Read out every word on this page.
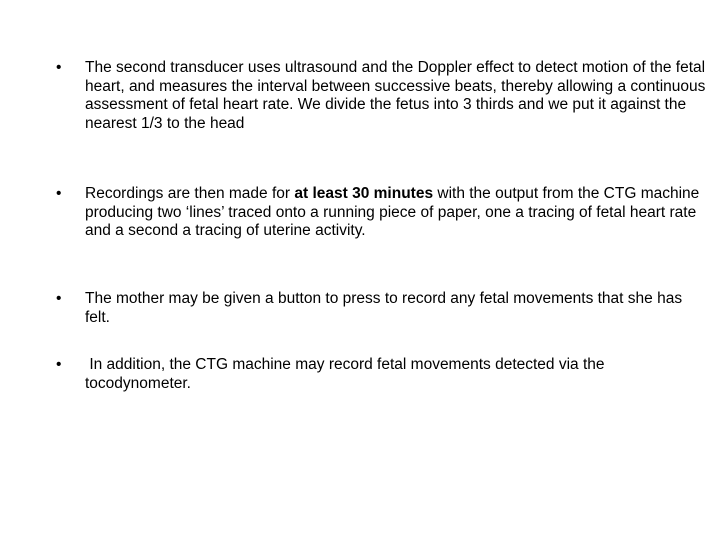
•	The second transducer uses ultrasound and the Doppler effect to detect motion of the fetal heart, and measures the interval between successive beats, thereby allowing a continuous assessment of fetal heart rate. We divide the fetus into 3 thirds and we put it against the nearest 1/3 to the head
•	Recordings are then made for at least 30 minutes with the output from the CTG machine producing two ‘lines’ traced onto a running piece of paper, one a tracing of fetal heart rate and a second a tracing of uterine activity.
•	The mother may be given a button to press to record any fetal movements that she has felt.
•	In addition, the CTG machine may record fetal movements detected via the    tocodynometer.
